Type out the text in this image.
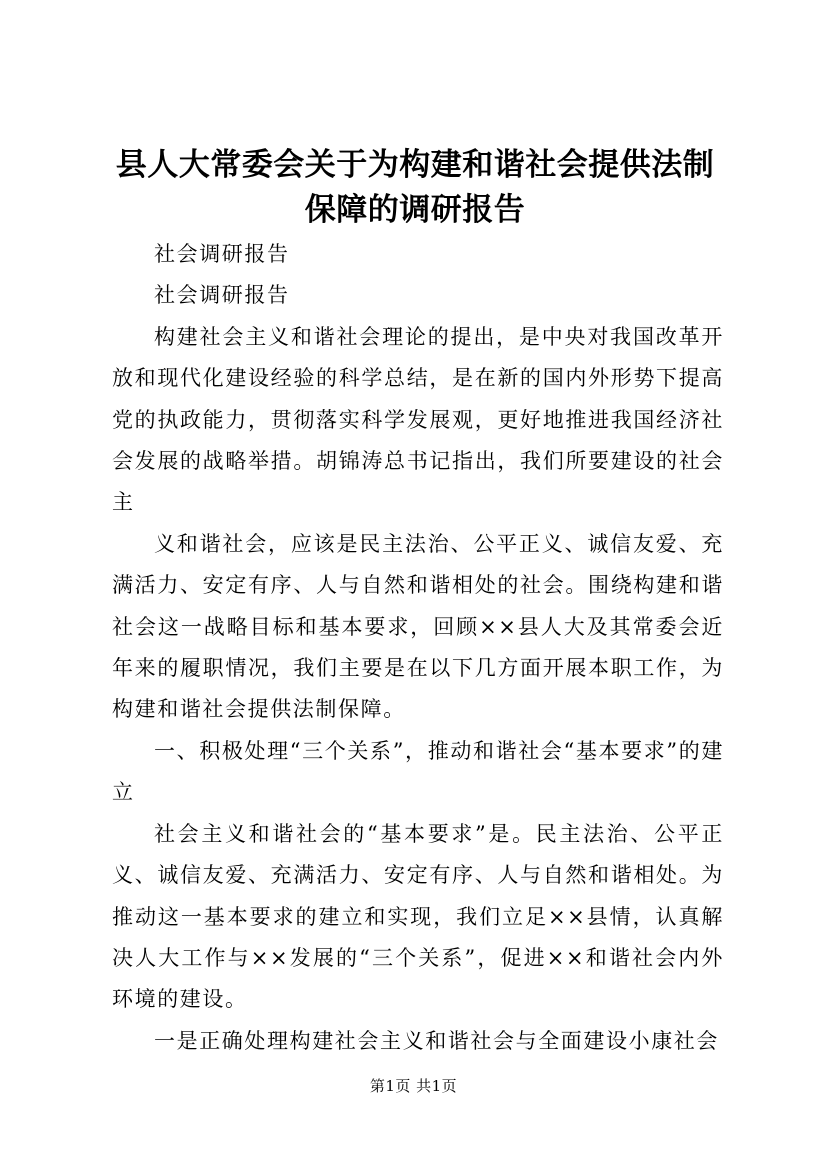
县人大常委会关于为构建和谐社会提供法制保障的调研报告

社会调研报告

社会调研报告

构建社会主义和谐社会理论的提出，是中央对我国改革开放和现代化建设经验的科学总结，是在新的国内外形势下提高党的执政能力，贯彻落实科学发展观，更好地推进我国经济社会发展的战略举措。胡锦涛总书记指出，我们所要建设的社会主

义和谐社会，应该是民主法治、公平正义、诚信友爱、充满活力、安定有序、人与自然和谐相处的社会。围绕构建和谐社会这一战略目标和基本要求，回顾××县人大及其常委会近年来的履职情况，我们主要是在以下几方面开展本职工作，为构建和谐社会提供法制保障。

一、积极处理“三个关系”，推动和谐社会“基本要求”的建立

社会主义和谐社会的“基本要求”是。民主法治、公平正义、诚信友爱、充满活力、安定有序、人与自然和谐相处。为推动这一基本要求的建立和实现，我们立足××县情，认真解决人大工作与××发展的“三个关系”，促进××和谐社会内外环境的建设。

一是正确处理构建社会主义和谐社会与全面建设小康社会

第1页 共1页
